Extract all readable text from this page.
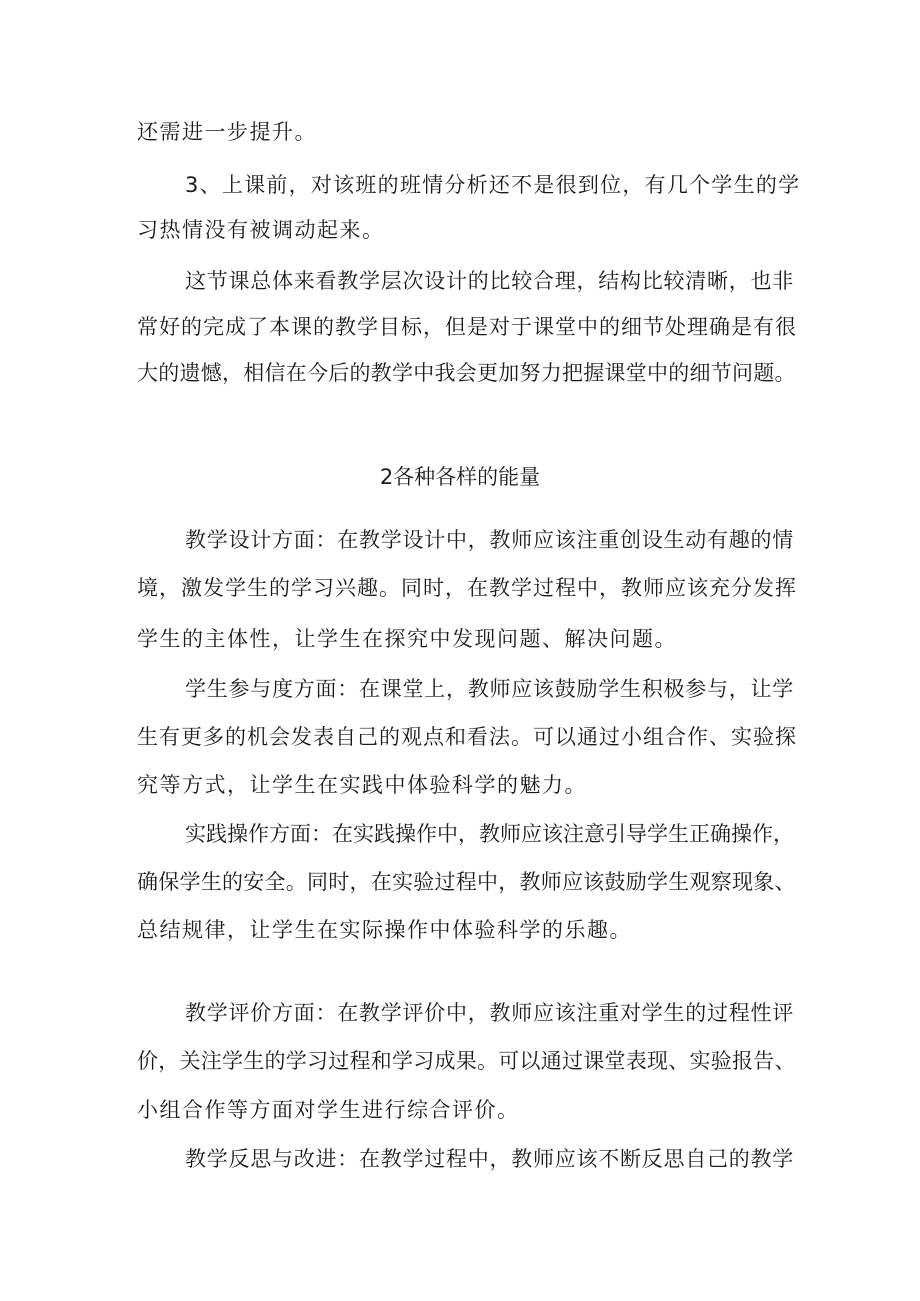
还需进一步提升。
3、上课前，对该班的班情分析还不是很到位，有几个学生的学
习热情没有被调动起来。
这节课总体来看教学层次设计的比较合理，结构比较清晰，也非
常好的完成了本课的教学目标，但是对于课堂中的细节处理确是有很
大的遗憾，相信在今后的教学中我会更加努力把握课堂中的细节问题。
2各种各样的能量
教学设计方面：在教学设计中，教师应该注重创设生动有趣的情
境，激发学生的学习兴趣。同时，在教学过程中，教师应该充分发挥
学生的主体性，让学生在探究中发现问题、解决问题。
学生参与度方面：在课堂上，教师应该鼓励学生积极参与，让学
生有更多的机会发表自己的观点和看法。可以通过小组合作、实验探
究等方式，让学生在实践中体验科学的魅力。
实践操作方面：在实践操作中，教师应该注意引导学生正确操作，
确保学生的安全。同时，在实验过程中，教师应该鼓励学生观察现象、
总结规律，让学生在实际操作中体验科学的乐趣。
教学评价方面：在教学评价中，教师应该注重对学生的过程性评
价，关注学生的学习过程和学习成果。可以通过课堂表现、实验报告、
小组合作等方面对学生进行综合评价。
教学反思与改进：在教学过程中，教师应该不断反思自己的教学
